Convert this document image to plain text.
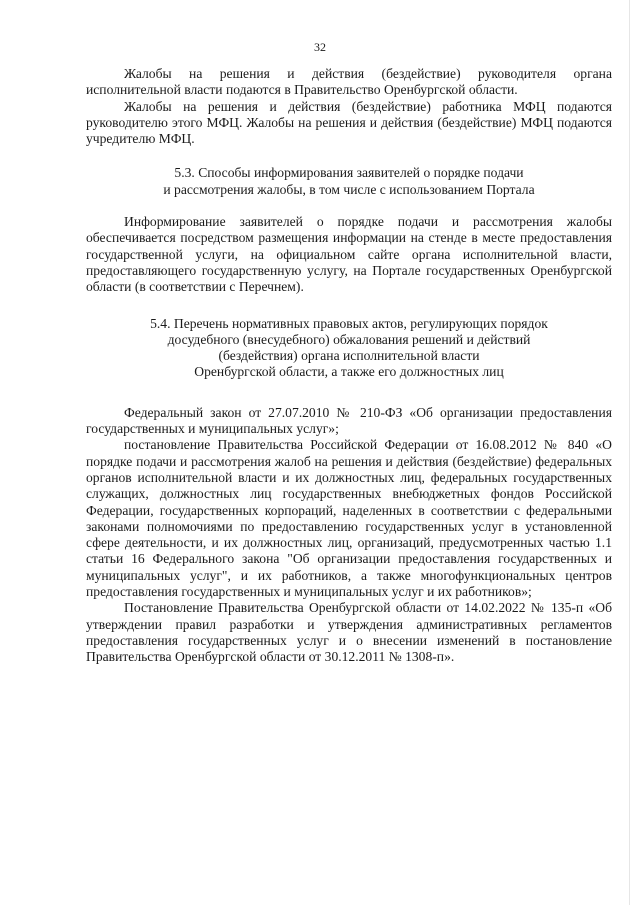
32

Жалобы на решения и действия (бездействие) руководителя органа исполнительной власти подаются в Правительство Оренбургской области.

Жалобы на решения и действия (бездействие) работника МФЦ подаются руководителю этого МФЦ. Жалобы на решения и действия (бездействие) МФЦ подаются учредителю МФЦ.

5.3. Способы информирования заявителей о порядке подачи
и рассмотрения жалобы, в том числе с использованием Портала

Информирование заявителей о порядке подачи и рассмотрения жалобы обеспечивается посредством размещения информации на стенде в месте предоставления государственной услуги, на официальном сайте органа исполнительной власти, предоставляющего государственную услугу, на Портале государственных Оренбургской области (в соответствии с Перечнем).

5.4. Перечень нормативных правовых актов, регулирующих порядок
досудебного (внесудебного) обжалования решений и действий
(бездействия) органа исполнительной власти
Оренбургской области, а также его должностных лиц

Федеральный закон от 27.07.2010 № 210-ФЗ «Об организации предоставления государственных и муниципальных услуг»;

постановление Правительства Российской Федерации от 16.08.2012 № 840 «О порядке подачи и рассмотрения жалоб на решения и действия (бездействие) федеральных органов исполнительной власти и их должностных лиц, федеральных государственных служащих, должностных лиц государственных внебюджетных фондов Российской Федерации, государственных корпораций, наделенных в соответствии с федеральными законами полномочиями по предоставлению государственных услуг в установленной сфере деятельности, и их должностных лиц, организаций, предусмотренных частью 1.1 статьи 16 Федерального закона "Об организации предоставления государственных и муниципальных услуг", и их работников, а также многофункциональных центров предоставления государственных и муниципальных услуг и их работников»;

Постановление Правительства Оренбургской области от 14.02.2022 № 135-п «Об утверждении правил разработки и утверждения административных регламентов предоставления государственных услуг и о внесении изменений в постановление Правительства Оренбургской области от 30.12.2011 № 1308-п».
